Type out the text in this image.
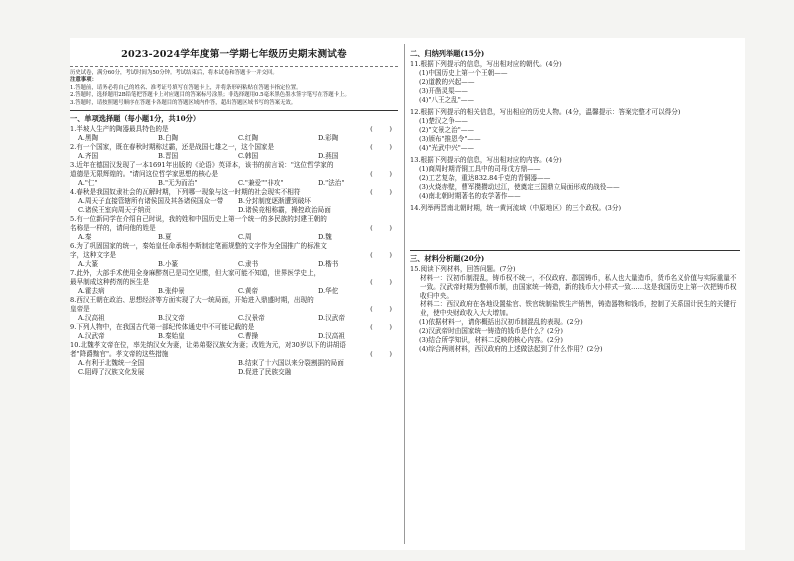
2023-2024学年度第一学期七年级历史期末测试卷
历史试卷，满分60分，考试时间为50分钟。考试结束后，将本试卷和答题卡一并交回。
注意事项：
1.答题前，请务必将自己的姓名、准考证号填写在答题卡上，并将条形码粘贴在答题卡指定位置。
2.答题时，选择题用2B铅笔把答题卡上对应题目的答案标号涂黑；非选择题用0.5毫米黑色墨水签字笔写在答题卡上。
3.答题时，请按照题号顺序在答题卡各题目的答题区域内作答，超出答题区域书写的答案无效。
一、单项选择题（每小题1分，共10分）
1.半坡人生产的陶器最具特色的是	(        )
A.黑陶	B.白陶	C.红陶	D.彩陶
2.有一个国家，既在春秋时期称过霸，还是战国七雄之一，这个国家是	(        )
A.齐国	B.晋国	C.韩国	D.燕国
3.近年在德国汉发现了一本1691年出版的《论语》英译本，该书的前言说："这位哲学家的
道德是无限辉煌的。"请问这位哲学家思想的核心是	(        )
A."仁"	B."无为而治"	C."兼爱""非攻"	D."法治"
4.春秋是我国奴隶社会的瓦解时期，下列哪一现象与这一时期的社会现实不相符	(        )
A.周天子直接管辖所有诸侯国及其各诸侯国众一带	B.分封制度逐渐遭到破坏
C.诸侯王室向周天子纳贡	D.诸侯竞相称霸，操控政治局面
5.有一位新同学在介绍自己时说，我的姓和中国历史上第一个统一的多民族的封建王朝的
名称是一样的，请问他的姓是	(        )
A.秦	B.夏	C.周	D.魏
6.为了巩固国家的统一，秦始皇任命承相李斯制定笔画规整的文字作为全国推广的标准文
字，这种文字是	(        )
A.大篆	B.小篆	C.隶书	D.楷书
7.此外，大部手术使用全身麻醉剂已是司空见惯，但大家可能不知道，世界医学史上，
最早制成这种药剂的医生是	(        )
A.霍去病	B.张仲景	C.黄帝	D.华佗
8.西汉王朝在政治、思想经济等方面实现了大一统局面，开始进入鼎盛时期，出现的
皇帝是	(        )
A.汉高祖	B.汉文帝	C.汉景帝	D.汉武帝
9.下列人物中，在我国古代第一部纪传体通史中不可能记载的是	(        )
A.汉武帝	B.秦始皇	C.曹操	D.汉高祖
10.北魏孝文帝在位，率先纳汉女为妻，让弟弟娶汉族女为妻；改姓为元，对30岁以下的讲胡语
者"降爵黜官"。孝文帝的这些措施	(        )
A.有利于北魏统一全国	B.结束了十六国以来分裂割据的局面
C.阻碍了汉族文化发展	D.促进了民族交融
二、归纳列举题(15分)
11.根据下列提示的信息，写出相对应的朝代。(4分)
(1)中国历史上第一个王朝——
(2)道教的兴起——
(3)开凿灵渠——
(4)"八王之乱"——
12.根据下列提示的相关信息，写出相应的历史人物。(4分，温馨提示：答案完整才可以得分)
(1)楚汉之争——
(2)"文景之治"——
(3)颁布"推恩令"——
(4)"光武中兴"——
13.根据下列提示的信息，写出相对应的内容。(4分)
(1)商周时期青铜工具中的司母戊方鼎——
(2)工艺复杂，重达832.84千克的青铜器——
(3)火烧赤壁，曹军攒攒动过江，使奠定三国鼎立局面形成的战役——
(4)南北朝时期著名的农学著作——
14.列举两晋南北朝时期，统一黄河流域（中原地区）的三个政权。(3分)
三、材料分析题(20分)
15.阅读下列材料，回答问题。(7分)
材料一：汉初币制混乱，铸币权不统一，不仅政府、郡国铸币，私人也大量造币，货币名义价值与实际重量不一致。汉武帝时期为整顿币制，由国家统一铸造，新的钱币大小样式一致……这是我国历史上第一次把铸币权收归中央。
材料二：西汉政府在各地设置盐官、铁官统制盐铁生产销售，铸造器物和钱币，控制了关系国计民生的关键行业，使中央财政收入大大增加。
(1)依据材料一，请你概括出汉初币制混乱的表现。(2分)
(2)汉武帝时由国家统一铸造的钱币是什么？(2分)
(3)结合所学知识，材料二反映的核心内容。(2分)
(4)综合两则材料，西汉政府的上述做法起到了什么作用？(2分)
